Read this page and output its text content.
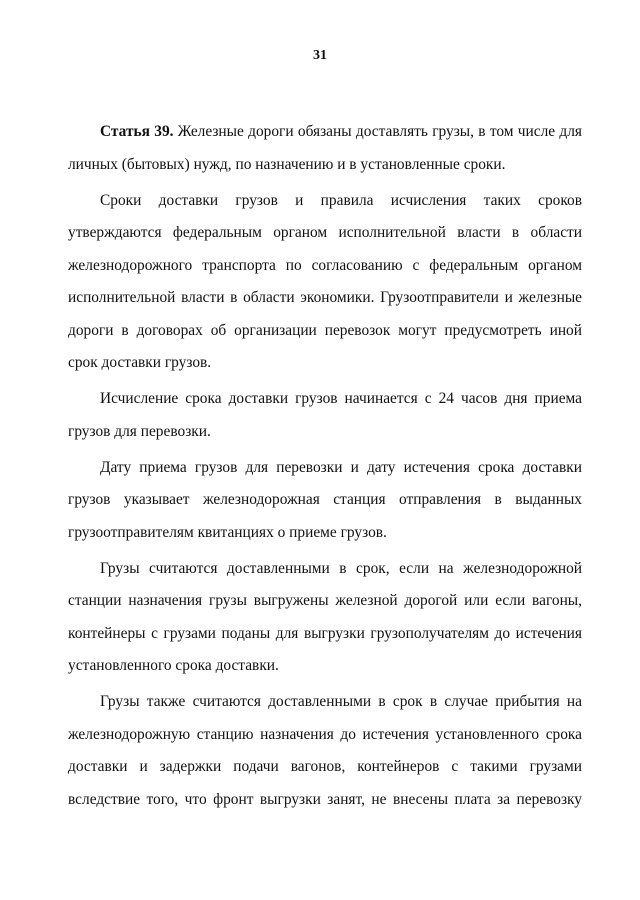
31

Статья 39. Железные дороги обязаны доставлять грузы, в том числе для личных (бытовых) нужд, по назначению и в установленные сроки.

Сроки доставки грузов и правила исчисления таких сроков утверждаются федеральным органом исполнительной власти в области железнодорожного транспорта по согласованию с федеральным органом исполнительной власти в области экономики. Грузоотправители и железные дороги в договорах об организации перевозок могут предусмотреть иной срок доставки грузов.

Исчисление срока доставки грузов начинается с 24 часов дня приема грузов для перевозки.

Дату приема грузов для перевозки и дату истечения срока доставки грузов указывает железнодорожная станция отправления в выданных грузоотправителям квитанциях о приеме грузов.

Грузы считаются доставленными в срок, если на железнодорожной станции назначения грузы выгружены железной дорогой или если вагоны, контейнеры с грузами поданы для выгрузки грузополучателям до истечения установленного срока доставки.

Грузы также считаются доставленными в срок в случае прибытия на железнодорожную станцию назначения до истечения установленного срока доставки и задержки подачи вагонов, контейнеров с такими грузами вследствие того, что фронт выгрузки занят, не внесены плата за перевозку
